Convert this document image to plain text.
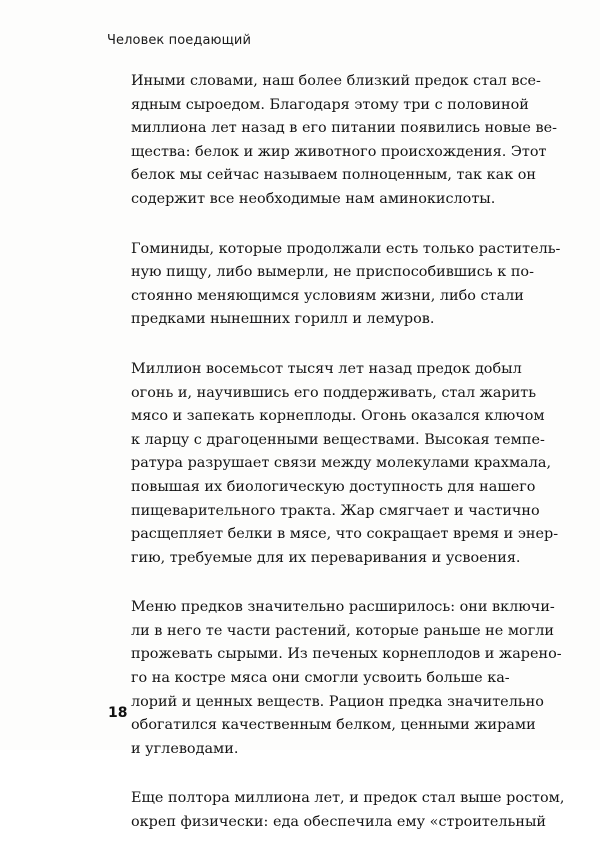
Человек поедающий

Иными словами, наш более близкий предок стал все-
ядным сыроедом. Благодаря этому три с половиной
миллиона лет назад в его питании появились новые ве-
щества: белок и жир животного происхождения. Этот
белок мы сейчас называем полноценным, так как он
содержит все необходимые нам аминокислоты.

Гоминиды, которые продолжали есть только раститель-
ную пищу, либо вымерли, не приспособившись к по-
стоянно меняющимся условиям жизни, либо стали
предками нынешних горилл и лемуров.

Миллион восемьсот тысяч лет назад предок добыл
огонь и, научившись его поддерживать, стал жарить
мясо и запекать корнеплоды. Огонь оказался ключом
к ларцу с драгоценными веществами. Высокая темпе-
ратура разрушает связи между молекулами крахмала,
повышая их биологическую доступность для нашего
пищеварительного тракта. Жар смягчает и частично
расщепляет белки в мясе, что сокращает время и энер-
гию, требуемые для их переваривания и усвоения.

Меню предков значительно расширилось: они включи-
ли в него те части растений, которые раньше не могли
прожевать сырыми. Из печеных корнеплодов и жарено-
го на костре мяса они смогли усвоить больше ка-
лорий и ценных веществ. Рацион предка значительно
обогатился качественным белком, ценными жирами
и углеводами.

Еще полтора миллиона лет, и предок стал выше ростом,
окреп физически: еда обеспечила ему «строительный

18
